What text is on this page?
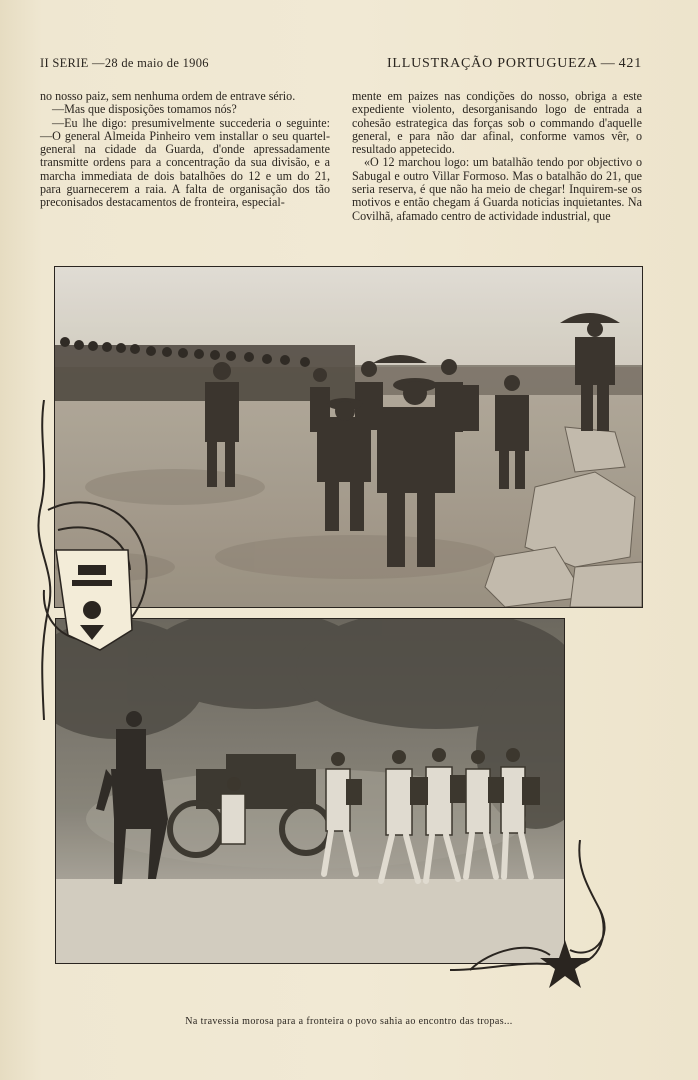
II SERIE —28 de maio de 1906	ILLUSTRAÇÃO PORTUGUEZA — 421

no nosso paiz, sem nenhuma ordem de entrave sério.

—Mas que disposições tomamos nós?

—Eu lhe digo: presumivelmente succederia o seguinte:—O general Almeida Pinheiro vem installar o seu quartel-general na cidade da Guarda, d'onde apressadamente transmitte ordens para a concentração da sua divisão, e a marcha immediata de dois batalhões do 12 e um do 21, para guarnecerem a raia. A falta de organisação dos tão preconisados destacamentos de fronteira, especial-

mente em paizes nas condições do nosso, obriga a este expediente violento, desorganisando logo de entrada a cohesão estrategica das forças sob o commando d'aquelle general, e para não dar afinal, conforme vamos vêr, o resultado appetecido.

«O 12 marchou logo: um batalhão tendo por objectivo o Sabugal e outro Villar Formoso. Mas o batalhão do 21, que seria reserva, é que não ha meio de chegar! Inquirem-se os motivos e então chegam á Guarda noticias inquietantes. Na Covilhã, afamado centro de actividade industrial, que

Na travessia morosa para a fronteira o povo sahia ao encontro das tropas...
